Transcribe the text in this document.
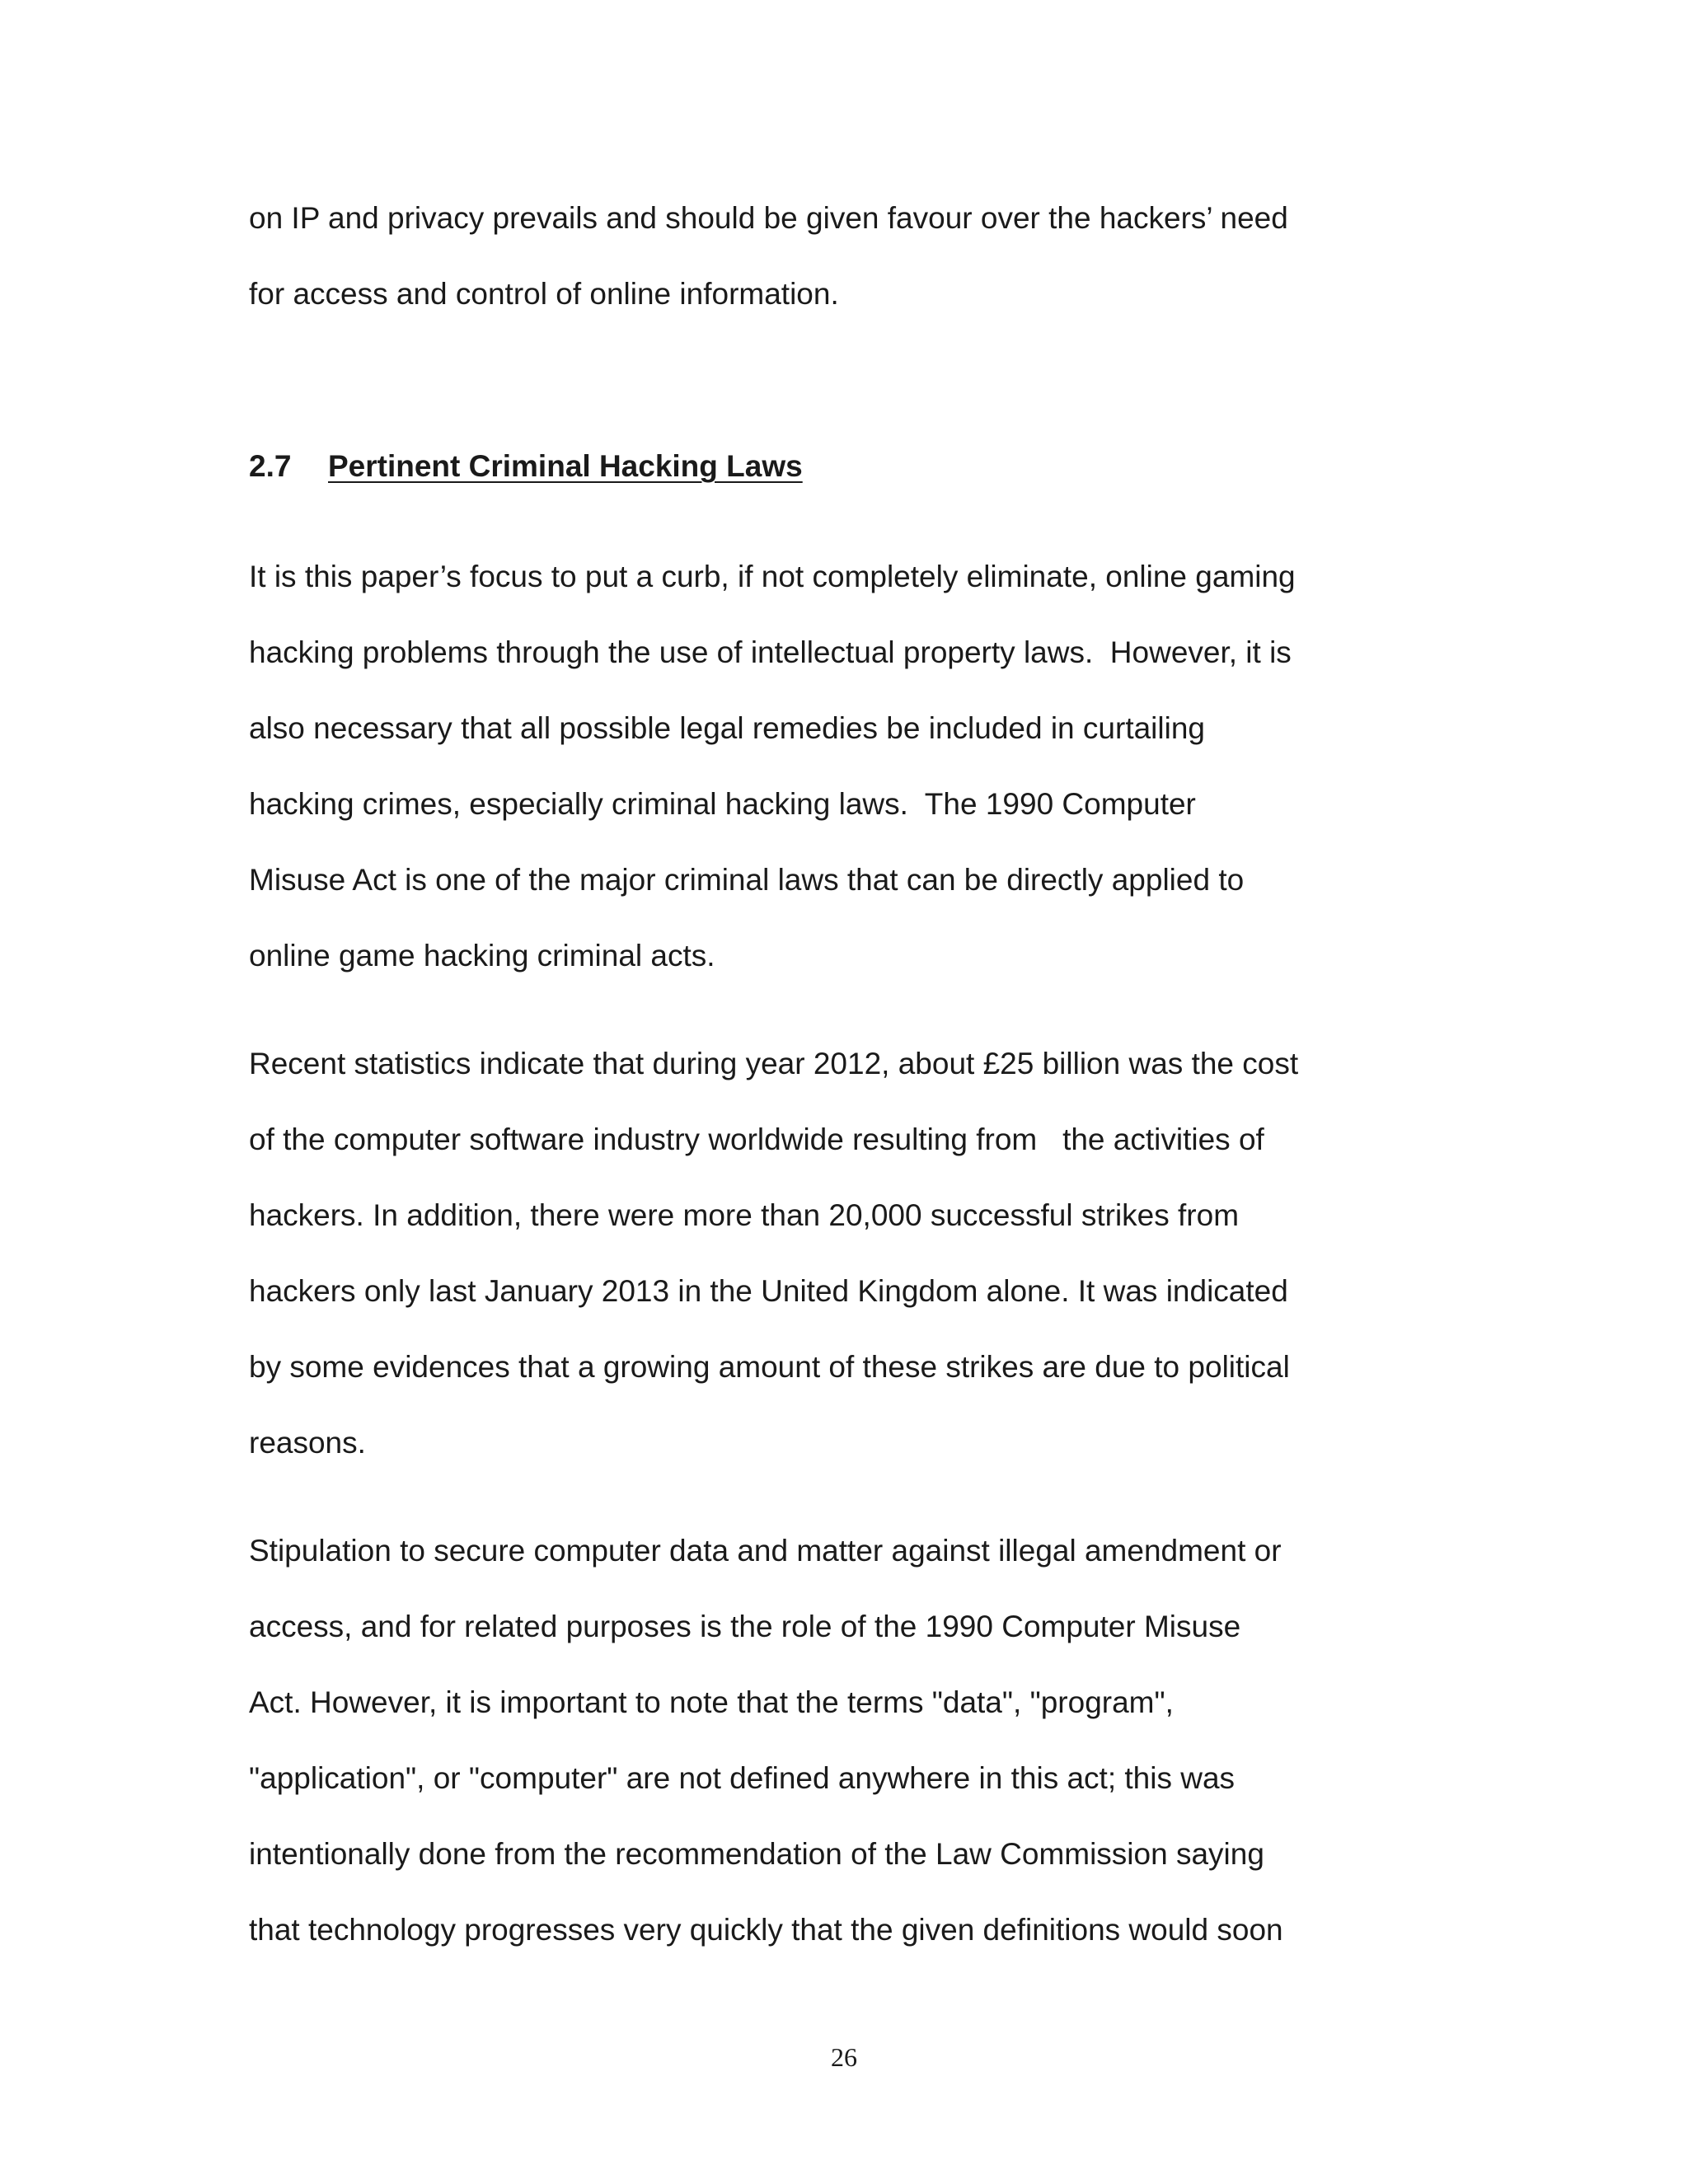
on IP and privacy prevails and should be given favour over the hackers’ need
for access and control of online information.
2.7 Pertinent Criminal Hacking Laws
It is this paper’s focus to put a curb, if not completely eliminate, online gaming
hacking problems through the use of intellectual property laws.  However, it is
also necessary that all possible legal remedies be included in curtailing
hacking crimes, especially criminal hacking laws.  The 1990 Computer
Misuse Act is one of the major criminal laws that can be directly applied to
online game hacking criminal acts.
Recent statistics indicate that during year 2012, about £25 billion was the cost
of the computer software industry worldwide resulting from   the activities of
hackers. In addition, there were more than 20,000 successful strikes from
hackers only last January 2013 in the United Kingdom alone. It was indicated
by some evidences that a growing amount of these strikes are due to political
reasons.
Stipulation to secure computer data and matter against illegal amendment or
access, and for related purposes is the role of the 1990 Computer Misuse
Act. However, it is important to note that the terms "data", "program",
"application", or "computer" are not defined anywhere in this act; this was
intentionally done from the recommendation of the Law Commission saying
that technology progresses very quickly that the given definitions would soon
26
